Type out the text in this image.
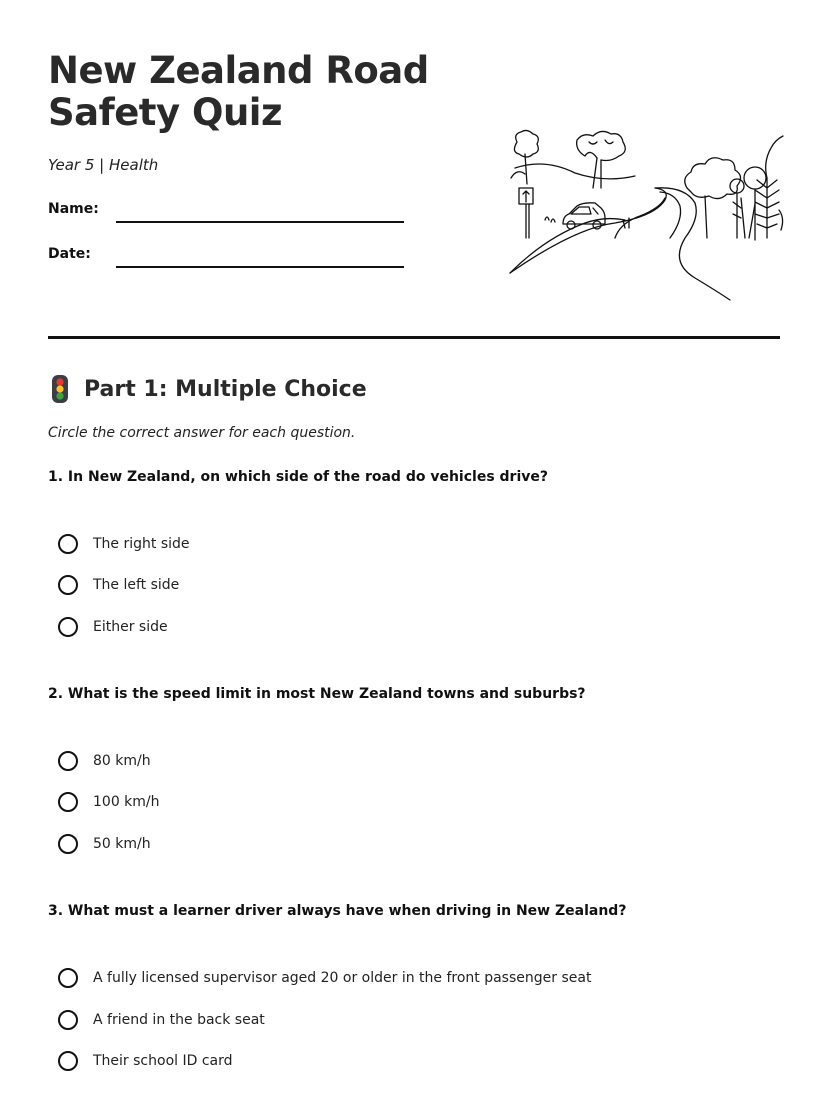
New Zealand Road
Safety Quiz
Year 5 | Health
Name:
Date:
Part 1: Multiple Choice
Circle the correct answer for each question.
1. In New Zealand, on which side of the road do vehicles drive?
The right side
The left side
Either side
2. What is the speed limit in most New Zealand towns and suburbs?
80 km/h
100 km/h
50 km/h
3. What must a learner driver always have when driving in New Zealand?
A fully licensed supervisor aged 20 or older in the front passenger seat
A friend in the back seat
Their school ID card
